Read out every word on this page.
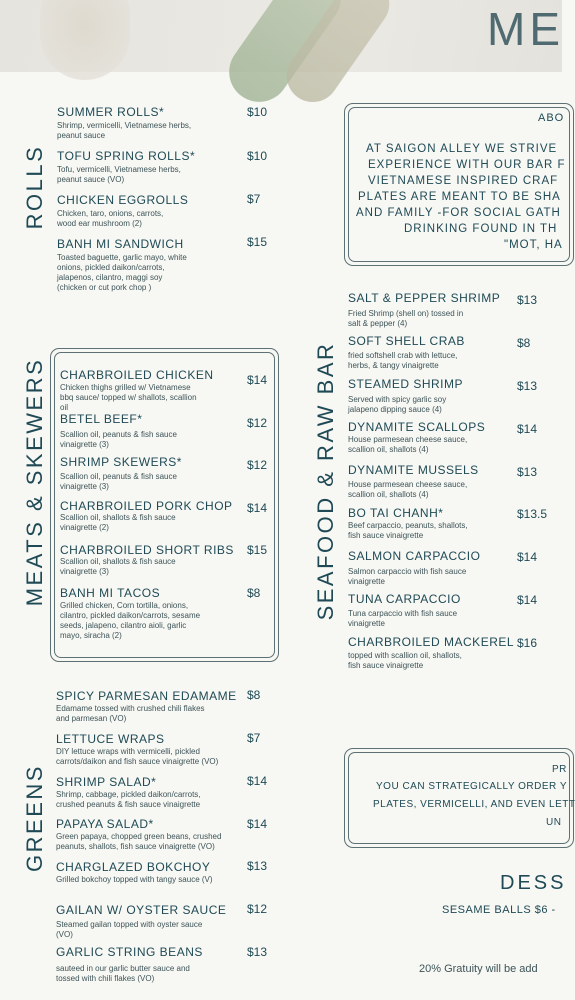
ME
ROLLS
MEATS & SKEWERS
GREENS
SEAFOOD & RAW BAR
ABO
AT SAIGON ALLEY WE STRIVE
EXPERIENCE WITH OUR BAR F
VIETNAMESE INSPIRED CRAF
PLATES ARE MEANT TO BE SHA
AND FAMILY -FOR SOCIAL GATH
DRINKING FOUND IN TH
"MOT, HA
PR
YOU CAN STRATEGICALLY ORDER Y
PLATES, VERMICELLI, AND EVEN LETT
UN
SUMMER ROLLS*
Shrimp, vermicelli, Vietnamese herbs,
peanut sauce
$10
TOFU SPRING ROLLS*
Tofu, vermicelli, Vietnamese herbs,
peanut sauce (VO)
$10
CHICKEN EGGROLLS
Chicken, taro, onions, carrots,
wood ear mushroom (2)
$7
BANH MI SANDWICH
Toasted baguette, garlic mayo, white
onions, pickled daikon/carrots,
jalapenos, cilantro, maggi soy
(chicken or cut pork chop )
$15
CHARBROILED CHICKEN
Chicken thighs grilled w/ Vietnamese
bbq sauce/ topped w/ shallots, scallion
oil
$14
BETEL BEEF*
Scallion oil, peanuts & fish sauce
vinaigrette (3)
$12
SHRIMP SKEWERS*
Scallion oil, peanuts & fish sauce
vinaigrette (3)
$12
CHARBROILED PORK CHOP
Scallion oil, shallots & fish sauce
vinaigrette (2)
$14
CHARBROILED SHORT RIBS
Scallion oil, shallots & fish sauce
vinaigrette (3)
$15
BANH MI TACOS
Grilled chicken, Corn tortilla, onions,
cilantro, pickled daikon/carrots, sesame
seeds, jalapeno, cilantro aioli, garlic
mayo, siracha (2)
$8
SPICY PARMESAN EDAMAME
Edamame tossed with crushed chili flakes
and parmesan (VO)
$8
LETTUCE WRAPS
DIY lettuce wraps with vermicelli, pickled
carrots/daikon and fish sauce vinaigrette (VO)
$7
SHRIMP SALAD*
Shrimp, cabbage, pickled daikon/carrots,
crushed peanuts & fish sauce vinaigrette
$14
PAPAYA SALAD*
Green papaya, chopped green beans, crushed
peanuts, shallots, fish sauce vinaigrette (VO)
$14
CHARGLAZED BOKCHOY
Grilled bokchoy topped with tangy sauce (V)
$13
GAILAN W/ OYSTER SAUCE
Steamed gailan topped with oyster sauce
(VO)
$12
GARLIC STRING BEANS
sauteed in our garlic butter sauce and
tossed with chili flakes (VO)
$13
SALT & PEPPER SHRIMP
Fried Shrimp (shell on) tossed in
salt & pepper (4)
$13
SOFT SHELL CRAB
fried softshell crab with lettuce,
herbs, & tangy vinaigrette
$8
STEAMED SHRIMP
Served with spicy garlic soy
jalapeno dipping sauce (4)
$13
DYNAMITE SCALLOPS
House parmesean cheese sauce,
scallion oil, shallots (4)
$14
DYNAMITE MUSSELS
House parmesean cheese sauce,
scallion oil, shallots (4)
$13
BO TAI CHANH*
Beef carpaccio, peanuts, shallots,
fish sauce vinaigrette
$13.5
SALMON CARPACCIO
Salmon carpaccio with fish sauce
vinaigrette
$14
TUNA CARPACCIO
Tuna carpaccio with fish sauce
vinaigrette
$14
CHARBROILED MACKEREL
topped with scallion oil, shallots,
fish sauce vinaigrette
$16
DESS
SESAME BALLS $6 -
20% Gratuity will be add
